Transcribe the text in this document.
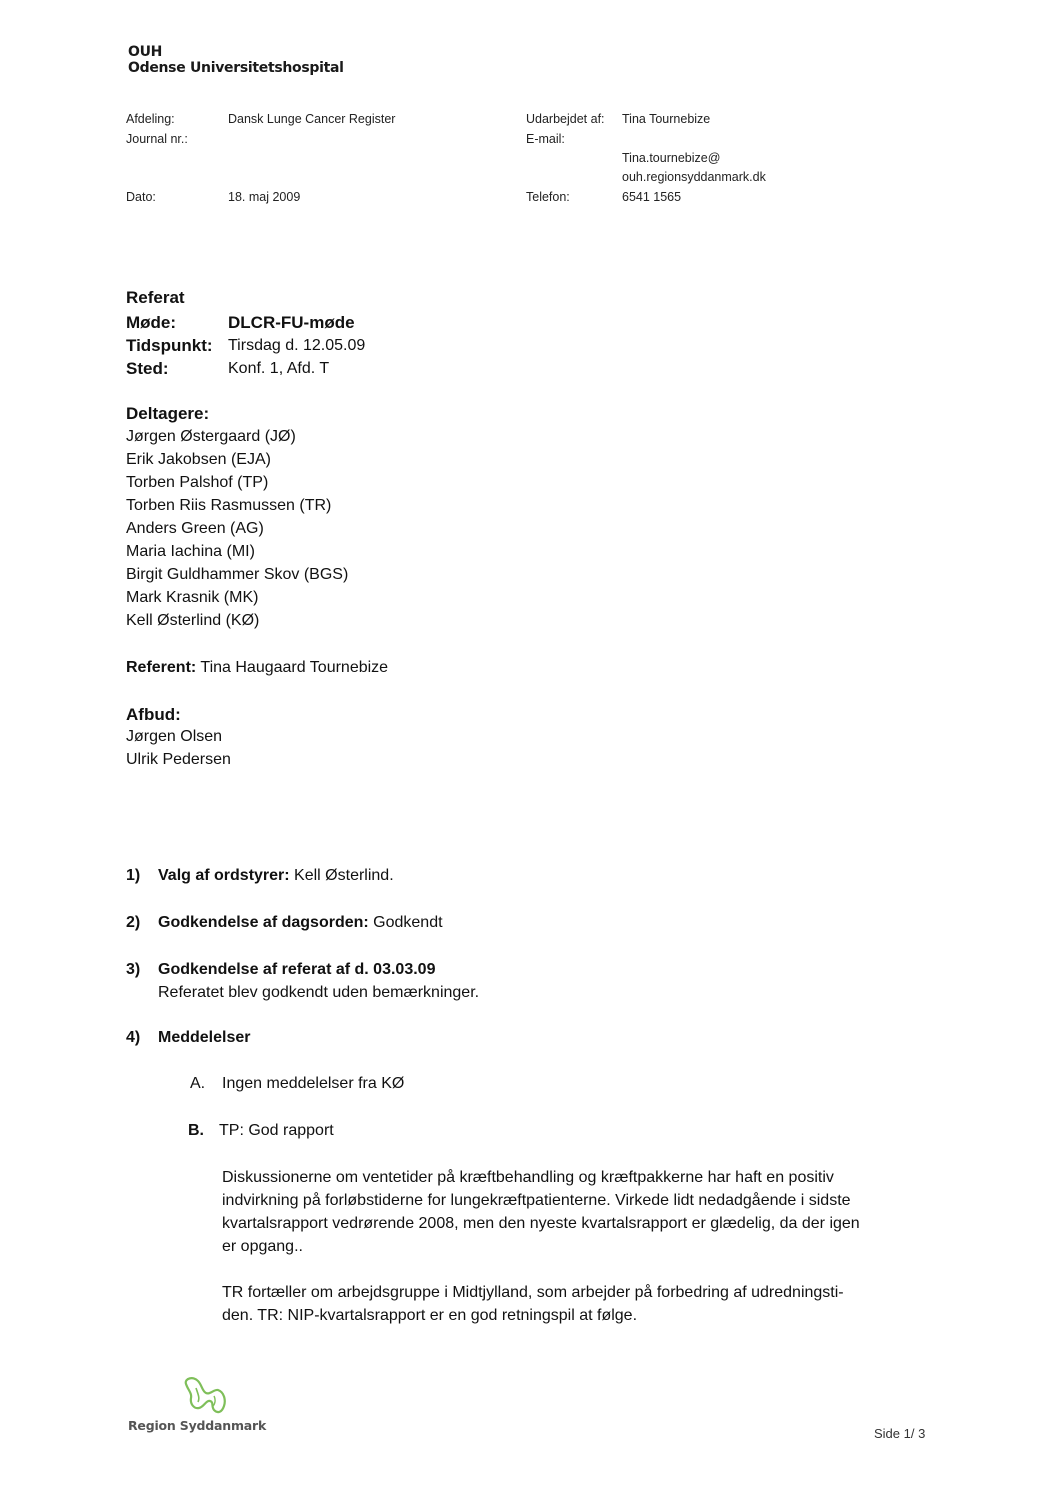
OUH
Odense Universitetshospital
Afdeling:	Dansk Lunge Cancer Register
Journal nr.:
Dato:	18. maj 2009
Udarbejdet af: Tina Tournebize
E-mail:
Tina.tournebize@
ouh.regionsyddanmark.dk
Telefon:	6541 1565
Referat
Møde:	DLCR-FU-møde
Tidspunkt: Tirsdag d. 12.05.09
Sted:	Konf. 1, Afd. T
Deltagere:
Jørgen Østergaard (JØ)
Erik Jakobsen (EJA)
Torben Palshof (TP)
Torben Riis Rasmussen (TR)
Anders Green (AG)
Maria Iachina (MI)
Birgit Guldhammer Skov (BGS)
Mark Krasnik (MK)
Kell Østerlind (KØ)
Referent: Tina Haugaard Tournebize
Afbud:
Jørgen Olsen
Ulrik Pedersen
1) Valg af ordstyrer: Kell Østerlind.
2) Godkendelse af dagsorden: Godkendt
3) Godkendelse af referat af d. 03.03.09
Referatet blev godkendt uden bemærkninger.
4) Meddelelser
A. Ingen meddelelser fra KØ
B. TP: God rapport
Diskussionerne om ventetider på kræftbehandling og kræftpakkerne har haft en positiv
indvirkning på forløbstiderne for lungekræftpatienterne. Virkede lidt nedadgående i sidste
kvartalsrapport vedrørende 2008, men den nyeste kvartalsrapport er glædelig, da der igen
er opgang..
TR fortæller om arbejdsgruppe i Midtjylland, som arbejder på forbedring af udredningsti-
den. TR: NIP-kvartalsrapport er en god retningspil at følge.
Region Syddanmark
Side 1/ 3
